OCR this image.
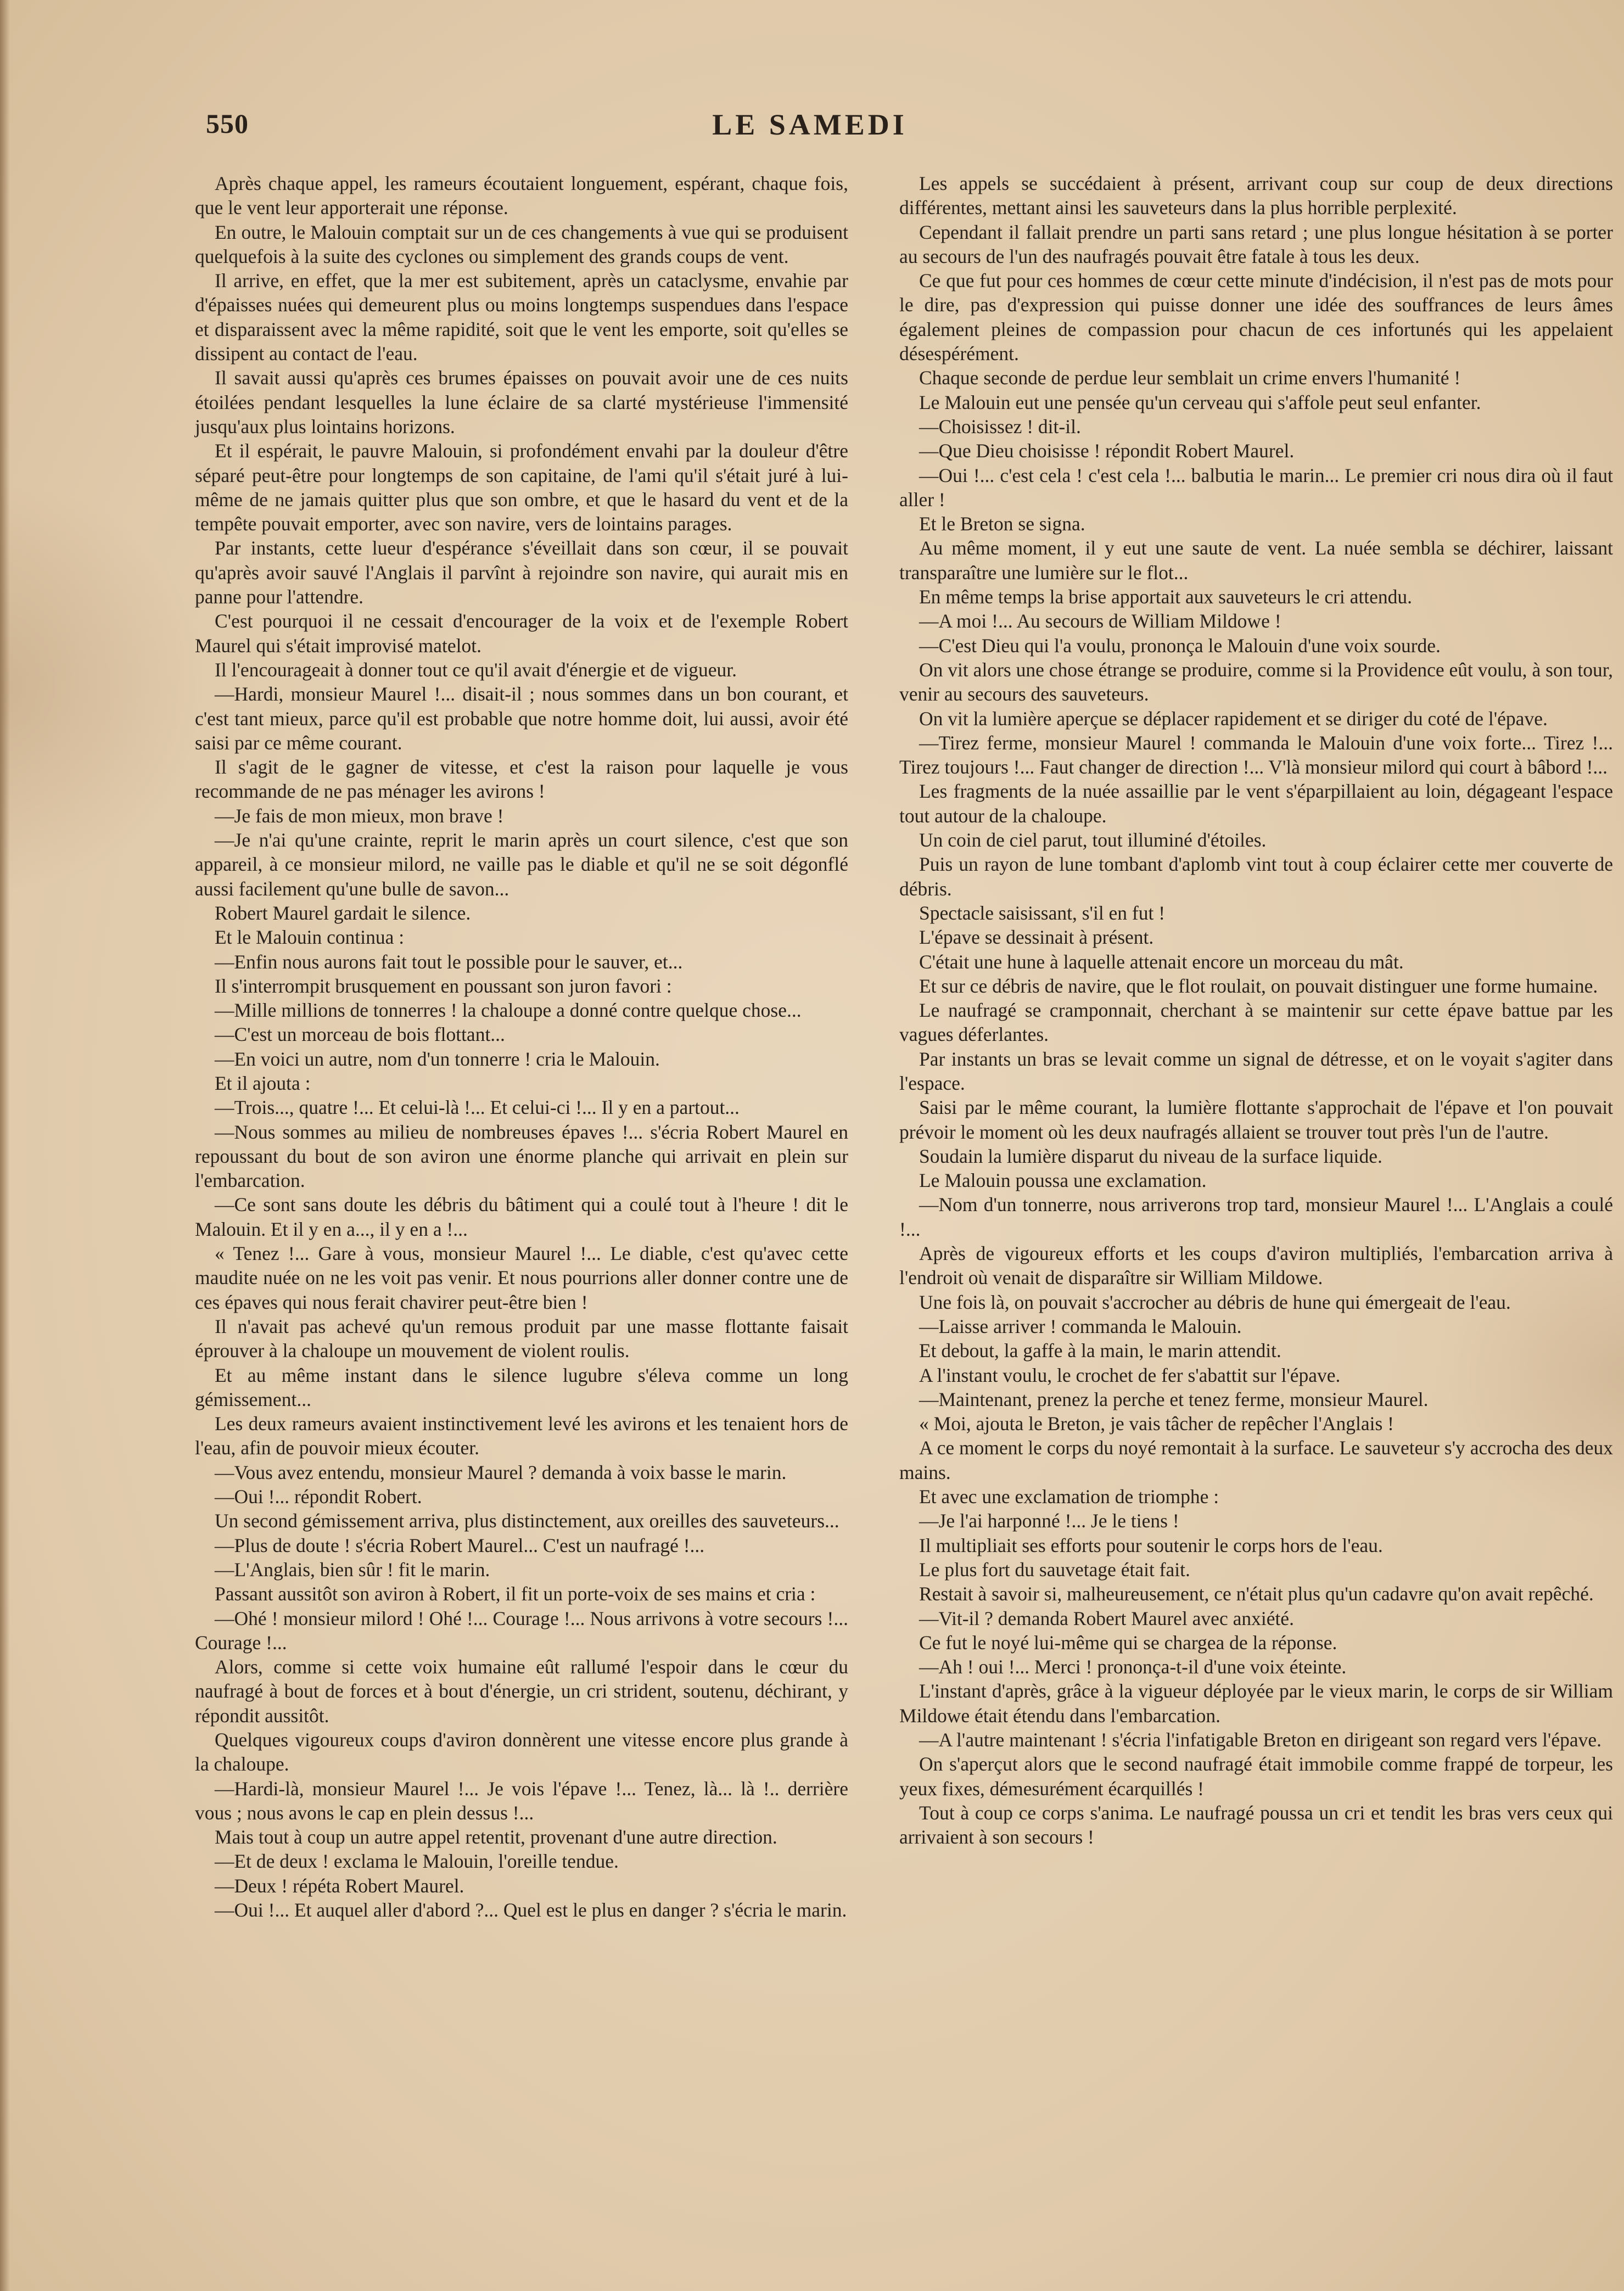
550	LE SAMEDI

Après chaque appel, les rameurs écoutaient longuement, espérant, chaque fois, que le vent leur apporterait une réponse.

En outre, le Malouin comptait sur un de ces changements à vue qui se produisent quelquefois à la suite des cyclones ou simplement des grands coups de vent.

Il arrive, en effet, que la mer est subitement, après un cataclysme, envahie par d'épaisses nuées qui demeurent plus ou moins longtemps suspendues dans l'espace et disparaissent avec la même rapidité, soit que le vent les emporte, soit qu'elles se dissipent au contact de l'eau.

Il savait aussi qu'après ces brumes épaisses on pouvait avoir une de ces nuits étoilées pendant lesquelles la lune éclaire de sa clarté mystérieuse l'immensité jusqu'aux plus lointains horizons.

Et il espérait, le pauvre Malouin, si profondément envahi par la douleur d'être séparé peut-être pour longtemps de son capitaine, de l'ami qu'il s'était juré à lui-même de ne jamais quitter plus que son ombre, et que le hasard du vent et de la tempête pouvait emporter, avec son navire, vers de lointains parages.

Par instants, cette lueur d'espérance s'éveillait dans son cœur, il se pouvait qu'après avoir sauvé l'Anglais il parvînt à rejoindre son navire, qui aurait mis en panne pour l'attendre.

C'est pourquoi il ne cessait d'encourager de la voix et de l'exemple Robert Maurel qui s'était improvisé matelot.

Il l'encourageait à donner tout ce qu'il avait d'énergie et de vigueur.

—Hardi, monsieur Maurel !... disait-il ; nous sommes dans un bon courant, et c'est tant mieux, parce qu'il est probable que notre homme doit, lui aussi, avoir été saisi par ce même courant.

Il s'agit de le gagner de vitesse, et c'est la raison pour laquelle je vous recommande de ne pas ménager les avirons !

—Je fais de mon mieux, mon brave !

—Je n'ai qu'une crainte, reprit le marin après un court silence, c'est que son appareil, à ce monsieur milord, ne vaille pas le diable et qu'il ne se soit dégonflé aussi facilement qu'une bulle de savon...

Robert Maurel gardait le silence.

Et le Malouin continua :

—Enfin nous aurons fait tout le possible pour le sauver, et...

Il s'interrompit brusquement en poussant son juron favori :

—Mille millions de tonnerres ! la chaloupe a donné contre quelque chose...

—C'est un morceau de bois flottant...

—En voici un autre, nom d'un tonnerre ! cria le Malouin.

Et il ajouta :

—Trois..., quatre !... Et celui-là !... Et celui-ci !... Il y en a partout...

—Nous sommes au milieu de nombreuses épaves !... s'écria Robert Maurel en repoussant du bout de son aviron une énorme planche qui arrivait en plein sur l'embarcation.

—Ce sont sans doute les débris du bâtiment qui a coulé tout à l'heure ! dit le Malouin. Et il y en a..., il y en a !...

« Tenez !... Gare à vous, monsieur Maurel !... Le diable, c'est qu'avec cette maudite nuée on ne les voit pas venir. Et nous pourrions aller donner contre une de ces épaves qui nous ferait chavirer peut-être bien !

Il n'avait pas achevé qu'un remous produit par une masse flottante faisait éprouver à la chaloupe un mouvement de violent roulis.

Et au même instant dans le silence lugubre s'éleva comme un long gémissement...

Les deux rameurs avaient instinctivement levé les avirons et les tenaient hors de l'eau, afin de pouvoir mieux écouter.

—Vous avez entendu, monsieur Maurel ? demanda à voix basse le marin.

—Oui !... répondit Robert.

Un second gémissement arriva, plus distinctement, aux oreilles des sauveteurs...

—Plus de doute ! s'écria Robert Maurel... C'est un naufragé !...

—L'Anglais, bien sûr ! fit le marin.

Passant aussitôt son aviron à Robert, il fit un porte-voix de ses mains et cria :

—Ohé ! monsieur milord ! Ohé !... Courage !... Nous arrivons à votre secours !... Courage !...

Alors, comme si cette voix humaine eût rallumé l'espoir dans le cœur du naufragé à bout de forces et à bout d'énergie, un cri strident, soutenu, déchirant, y répondit aussitôt.

Quelques vigoureux coups d'aviron donnèrent une vitesse encore plus grande à la chaloupe.

—Hardi-là, monsieur Maurel !... Je vois l'épave !... Tenez, là... là !.. derrière vous ; nous avons le cap en plein dessus !...

Mais tout à coup un autre appel retentit, provenant d'une autre direction.

—Et de deux ! exclama le Malouin, l'oreille tendue.

—Deux ! répéta Robert Maurel.

—Oui !... Et auquel aller d'abord ?... Quel est le plus en danger ? s'écria le marin.

Les appels se succédaient à présent, arrivant coup sur coup de deux directions différentes, mettant ainsi les sauveteurs dans la plus horrible perplexité.

Cependant il fallait prendre un parti sans retard ; une plus longue hésitation à se porter au secours de l'un des naufragés pouvait être fatale à tous les deux.

Ce que fut pour ces hommes de cœur cette minute d'indécision, il n'est pas de mots pour le dire, pas d'expression qui puisse donner une idée des souffrances de leurs âmes également pleines de compassion pour chacun de ces infortunés qui les appelaient désespérément.

Chaque seconde de perdue leur semblait un crime envers l'humanité !

Le Malouin eut une pensée qu'un cerveau qui s'affole peut seul enfanter.

—Choisissez ! dit-il.

—Que Dieu choisisse ! répondit Robert Maurel.

—Oui !... c'est cela ! c'est cela !... balbutia le marin... Le premier cri nous dira où il faut aller !

Et le Breton se signa.

Au même moment, il y eut une saute de vent. La nuée sembla se déchirer, laissant transparaître une lumière sur le flot...

En même temps la brise apportait aux sauveteurs le cri attendu.

—A moi !... Au secours de William Mildowe !

—C'est Dieu qui l'a voulu, prononça le Malouin d'une voix sourde.

On vit alors une chose étrange se produire, comme si la Providence eût voulu, à son tour, venir au secours des sauveteurs.

On vit la lumière aperçue se déplacer rapidement et se diriger du coté de l'épave.

—Tirez ferme, monsieur Maurel ! commanda le Malouin d'une voix forte... Tirez !... Tirez toujours !... Faut changer de direction !... V'là monsieur milord qui court à bâbord !...

Les fragments de la nuée assaillie par le vent s'éparpillaient au loin, dégageant l'espace tout autour de la chaloupe.

Un coin de ciel parut, tout illuminé d'étoiles.

Puis un rayon de lune tombant d'aplomb vint tout à coup éclairer cette mer couverte de débris.

Spectacle saisissant, s'il en fut !

L'épave se dessinait à présent.

C'était une hune à laquelle attenait encore un morceau du mât.

Et sur ce débris de navire, que le flot roulait, on pouvait distinguer une forme humaine.

Le naufragé se cramponnait, cherchant à se maintenir sur cette épave battue par les vagues déferlantes.

Par instants un bras se levait comme un signal de détresse, et on le voyait s'agiter dans l'espace.

Saisi par le même courant, la lumière flottante s'approchait de l'épave et l'on pouvait prévoir le moment où les deux naufragés allaient se trouver tout près l'un de l'autre.

Soudain la lumière disparut du niveau de la surface liquide.

Le Malouin poussa une exclamation.

—Nom d'un tonnerre, nous arriverons trop tard, monsieur Maurel !... L'Anglais a coulé !...

Après de vigoureux efforts et les coups d'aviron multipliés, l'embarcation arriva à l'endroit où venait de disparaître sir William Mildowe.

Une fois là, on pouvait s'accrocher au débris de hune qui émergeait de l'eau.

—Laisse arriver ! commanda le Malouin.

Et debout, la gaffe à la main, le marin attendit.

A l'instant voulu, le crochet de fer s'abattit sur l'épave.

—Maintenant, prenez la perche et tenez ferme, monsieur Maurel.

« Moi, ajouta le Breton, je vais tâcher de repêcher l'Anglais !

A ce moment le corps du noyé remontait à la surface. Le sauveteur s'y accrocha des deux mains.

Et avec une exclamation de triomphe :

—Je l'ai harponné !... Je le tiens !

Il multipliait ses efforts pour soutenir le corps hors de l'eau.

Le plus fort du sauvetage était fait.

Restait à savoir si, malheureusement, ce n'était plus qu'un cadavre qu'on avait repêché.

—Vit-il ? demanda Robert Maurel avec anxiété.

Ce fut le noyé lui-même qui se chargea de la réponse.

—Ah ! oui !... Merci ! prononça-t-il d'une voix éteinte.

L'instant d'après, grâce à la vigueur déployée par le vieux marin, le corps de sir William Mildowe était étendu dans l'embarcation.

—A l'autre maintenant ! s'écria l'infatigable Breton en dirigeant son regard vers l'épave.

On s'aperçut alors que le second naufragé était immobile comme frappé de torpeur, les yeux fixes, démesurément écarquillés !

Tout à coup ce corps s'anima. Le naufragé poussa un cri et tendit les bras vers ceux qui arrivaient à son secours !
